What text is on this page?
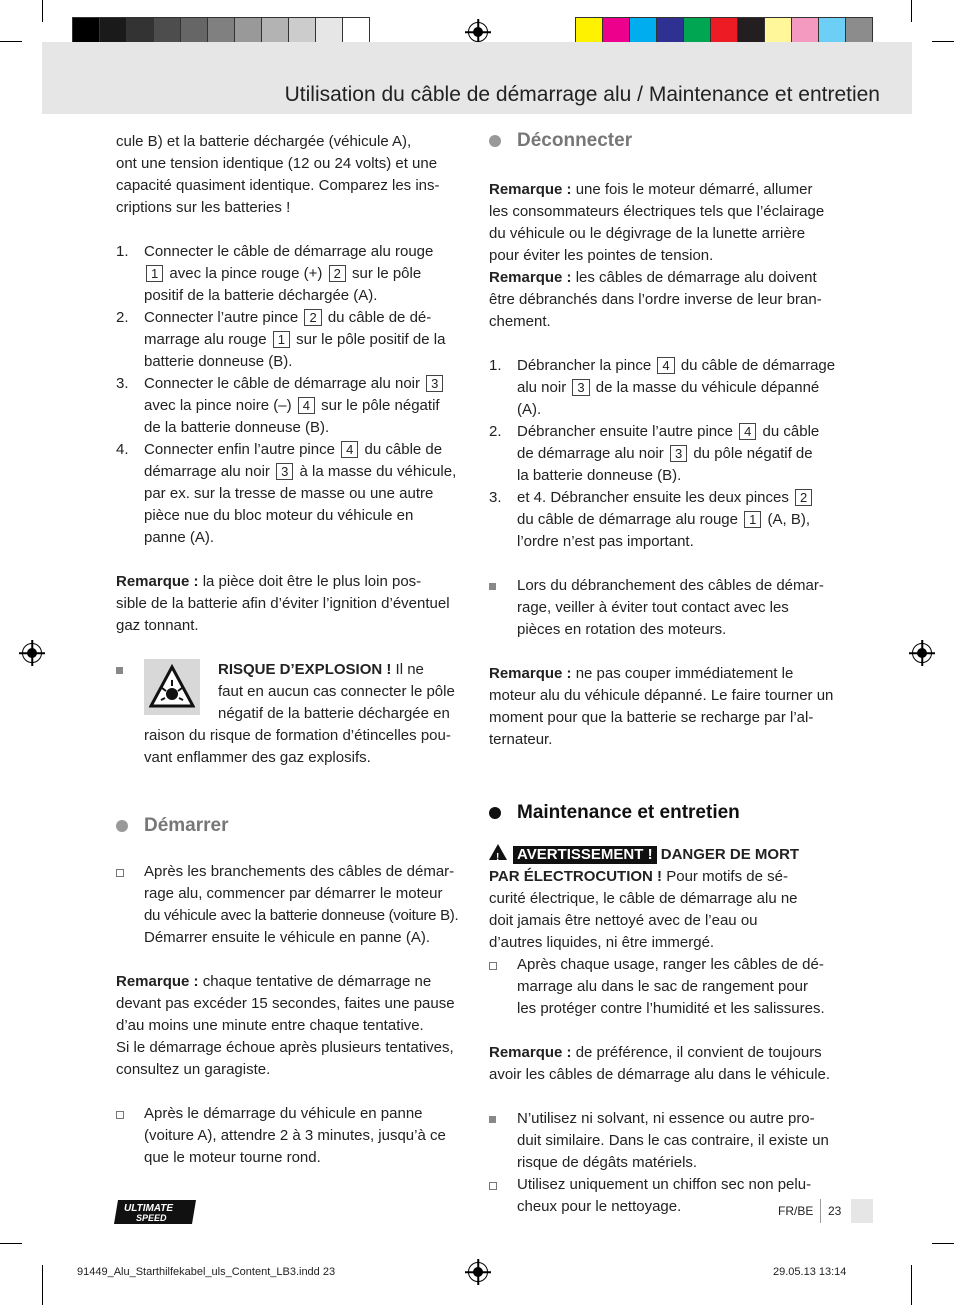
Utilisation du câble de démarrage alu / Maintenance et entretien

cule B) et la batterie déchargée (véhicule A),

ont une tension identique (12 ou 24 volts) et une

capacité quasiment identique. Comparez les ins-

criptions sur les batteries !

1. Connecter le câble de démarrage alu rouge

1 avec la pince rouge (+) 2 sur le pôle

positif de la batterie déchargée (A).

2. Connecter l’autre pince 2 du câble de dé-

marrage alu rouge 1 sur le pôle positif de la

batterie donneuse (B).

3. Connecter le câble de démarrage alu noir 3

avec la pince noire (–) 4 sur le pôle négatif

de la batterie donneuse (B).

4. Connecter enfin l’autre pince 4 du câble de

démarrage alu noir 3 à la masse du véhicule,

par ex. sur la tresse de masse ou une autre

pièce nue du bloc moteur du véhicule en

panne (A).

Remarque : la pièce doit être le plus loin pos-

sible de la batterie afin d’éviter l’ignition d’éventuel

gaz tonnant.

RISQUE D’EXPLOSION ! Il ne

faut en aucun cas connecter le pôle

négatif de la batterie déchargée en

raison du risque de formation d’étincelles pou-

vant enflammer des gaz explosifs.

Démarrer

Après les branchements des câbles de démar-

rage alu, commencer par démarrer le moteur

du véhicule avec la batterie donneuse (voiture B).

Démarrer ensuite le véhicule en panne (A).

Remarque : chaque tentative de démarrage ne

devant pas excéder 15 secondes, faites une pause

d’au moins une minute entre chaque tentative.

Si le démarrage échoue après plusieurs tentatives,

consultez un garagiste.

Après le démarrage du véhicule en panne

(voiture A), attendre 2 à 3 minutes, jusqu’à ce

que le moteur tourne rond.

Déconnecter

Remarque : une fois le moteur démarré, allumer

les consommateurs électriques tels que l’éclairage

du véhicule ou le dégivrage de la lunette arrière

pour éviter les pointes de tension.

Remarque : les câbles de démarrage alu doivent

être débranchés dans l’ordre inverse de leur bran-

chement.

1. Débrancher la pince 4 du câble de démarrage

alu noir 3 de la masse du véhicule dépanné (A).

2. Débrancher ensuite l’autre pince 4 du câble

de démarrage alu noir 3 du pôle négatif de

la batterie donneuse (B).

3. et 4. Débrancher ensuite les deux pinces 2

du câble de démarrage alu rouge 1 (A, B),

l’ordre n’est pas important.

Lors du débranchement des câbles de démar-

rage, veiller à éviter tout contact avec les

pièces en rotation des moteurs.

Remarque : ne pas couper immédiatement le

moteur alu du véhicule dépanné. Le faire tourner un

moment pour que la batterie se recharge par l’al-

ternateur.

Maintenance et entretien

! AVERTISSEMENT ! DANGER DE MORT

PAR ÉLECTROCUTION ! Pour motifs de sé-

curité électrique, le câble de démarrage alu ne

doit jamais être nettoyé avec de l’eau ou

d’autres liquides, ni être immergé.

Après chaque usage, ranger les câbles de dé-

marrage alu dans le sac de rangement pour

les protéger contre l’humidité et les salissures.

Remarque : de préférence, il convient de toujours

avoir les câbles de démarrage alu dans le véhicule.

N’utilisez ni solvant, ni essence ou autre pro-

duit similaire. Dans le cas contraire, il existe un

risque de dégâts matériels.

Utilisez uniquement un chiffon sec non pelu-

cheux pour le nettoyage.

ULTIMATE
SPEED	FR/BE 23
91449_Alu_Starthilfekabel_uls_Content_LB3.indd 23	29.05.13 13:14
